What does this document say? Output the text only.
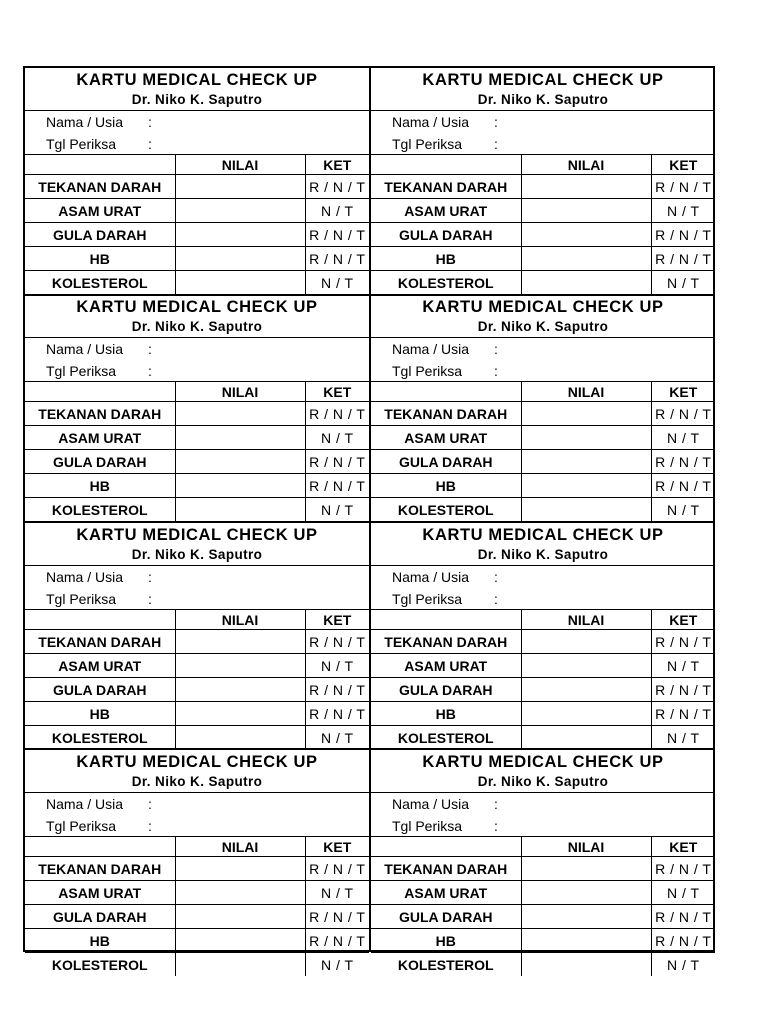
KARTU MEDICAL CHECK UP
Dr. Niko K. Saputro
Nama / Usia :
Tgl Periksa :
	NILAI	KET
TEKANAN DARAH		R / N / T
ASAM URAT		N / T
GULA DARAH		R / N / T
HB		R / N / T
KOLESTEROL		N / T
KARTU MEDICAL CHECK UP
Dr. Niko K. Saputro
Nama / Usia :
Tgl Periksa :
	NILAI	KET
TEKANAN DARAH		R / N / T
ASAM URAT		N / T
GULA DARAH		R / N / T
HB		R / N / T
KOLESTEROL		N / T
KARTU MEDICAL CHECK UP
Dr. Niko K. Saputro
Nama / Usia :
Tgl Periksa :
	NILAI	KET
TEKANAN DARAH		R / N / T
ASAM URAT		N / T
GULA DARAH		R / N / T
HB		R / N / T
KOLESTEROL		N / T
KARTU MEDICAL CHECK UP
Dr. Niko K. Saputro
Nama / Usia :
Tgl Periksa :
	NILAI	KET
TEKANAN DARAH		R / N / T
ASAM URAT		N / T
GULA DARAH		R / N / T
HB		R / N / T
KOLESTEROL		N / T
KARTU MEDICAL CHECK UP
Dr. Niko K. Saputro
Nama / Usia :
Tgl Periksa :
	NILAI	KET
TEKANAN DARAH		R / N / T
ASAM URAT		N / T
GULA DARAH		R / N / T
HB		R / N / T
KOLESTEROL		N / T
KARTU MEDICAL CHECK UP
Dr. Niko K. Saputro
Nama / Usia :
Tgl Periksa :
	NILAI	KET
TEKANAN DARAH		R / N / T
ASAM URAT		N / T
GULA DARAH		R / N / T
HB		R / N / T
KOLESTEROL		N / T
KARTU MEDICAL CHECK UP
Dr. Niko K. Saputro
Nama / Usia :
Tgl Periksa :
	NILAI	KET
TEKANAN DARAH		R / N / T
ASAM URAT		N / T
GULA DARAH		R / N / T
HB		R / N / T
KOLESTEROL		N / T
KARTU MEDICAL CHECK UP
Dr. Niko K. Saputro
Nama / Usia :
Tgl Periksa :
	NILAI	KET
TEKANAN DARAH		R / N / T
ASAM URAT		N / T
GULA DARAH		R / N / T
HB		R / N / T
KOLESTEROL		N / T
